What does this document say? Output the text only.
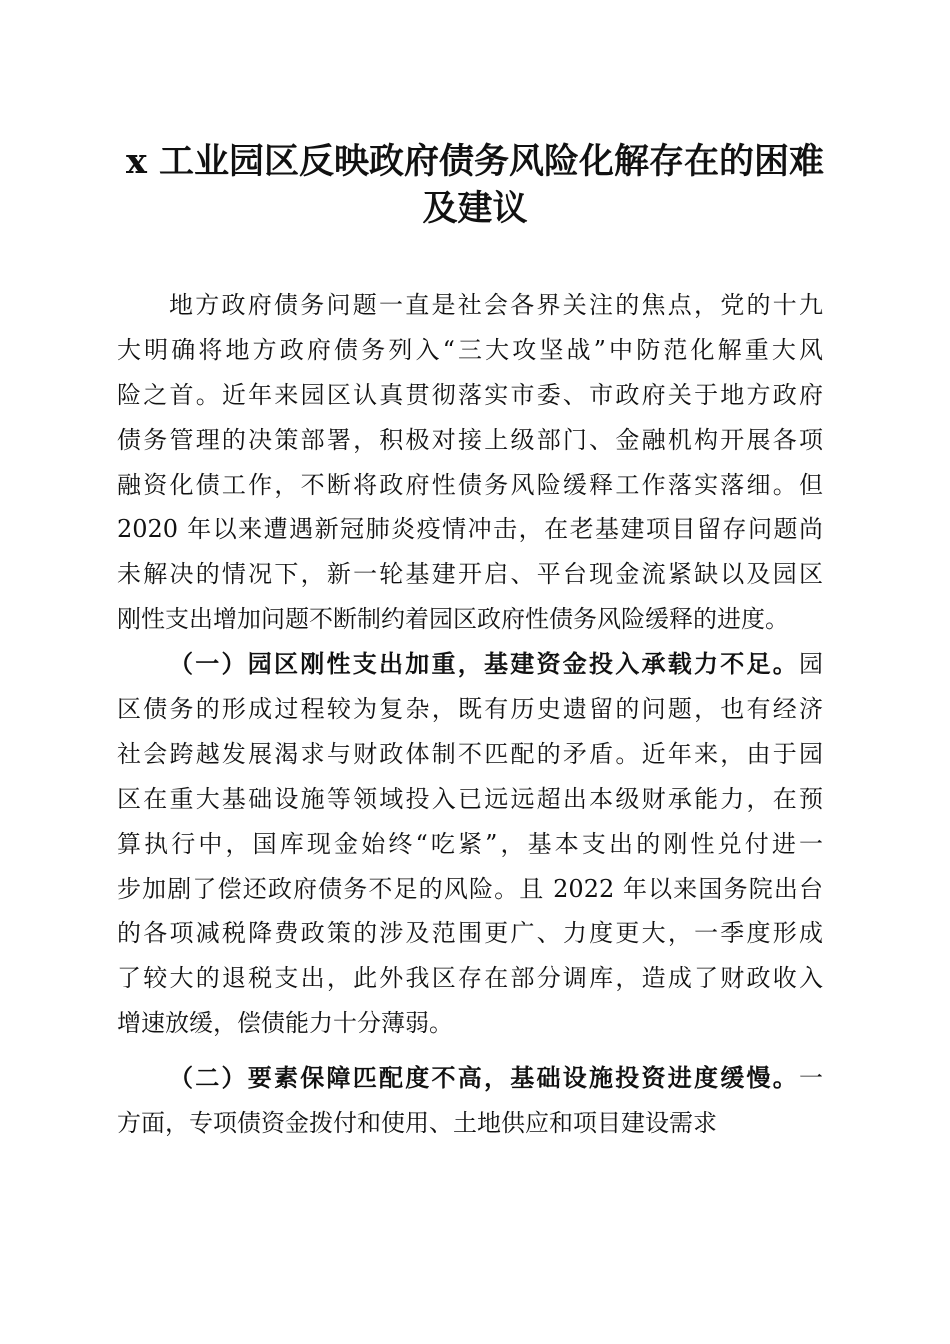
x 工业园区反映政府债务风险化解存在的困难
及建议
地方政府债务问题一直是社会各界关注的焦点，党的十九
大明确将地方政府债务列入“三大攻坚战”中防范化解重大风
险之首。近年来园区认真贯彻落实市委、市政府关于地方政府
债务管理的决策部署，积极对接上级部门、金融机构开展各项
融资化债工作，不断将政府性债务风险缓释工作落实落细。但
2020 年以来遭遇新冠肺炎疫情冲击，在老基建项目留存问题尚
未解决的情况下，新一轮基建开启、平台现金流紧缺以及园区
刚性支出增加问题不断制约着园区政府性债务风险缓释的进度。
（一）园区刚性支出加重，基建资金投入承载力不足。园
区债务的形成过程较为复杂，既有历史遗留的问题，也有经济
社会跨越发展渴求与财政体制不匹配的矛盾。近年来，由于园
区在重大基础设施等领域投入已远远超出本级财承能力，在预
算执行中，国库现金始终“吃紧”，基本支出的刚性兑付进一
步加剧了偿还政府债务不足的风险。且 2022 年以来国务院出台
的各项减税降费政策的涉及范围更广、力度更大，一季度形成
了较大的退税支出，此外我区存在部分调库，造成了财政收入
增速放缓，偿债能力十分薄弱。
（二）要素保障匹配度不高，基础设施投资进度缓慢。一
方面，专项债资金拨付和使用、土地供应和项目建设需求
